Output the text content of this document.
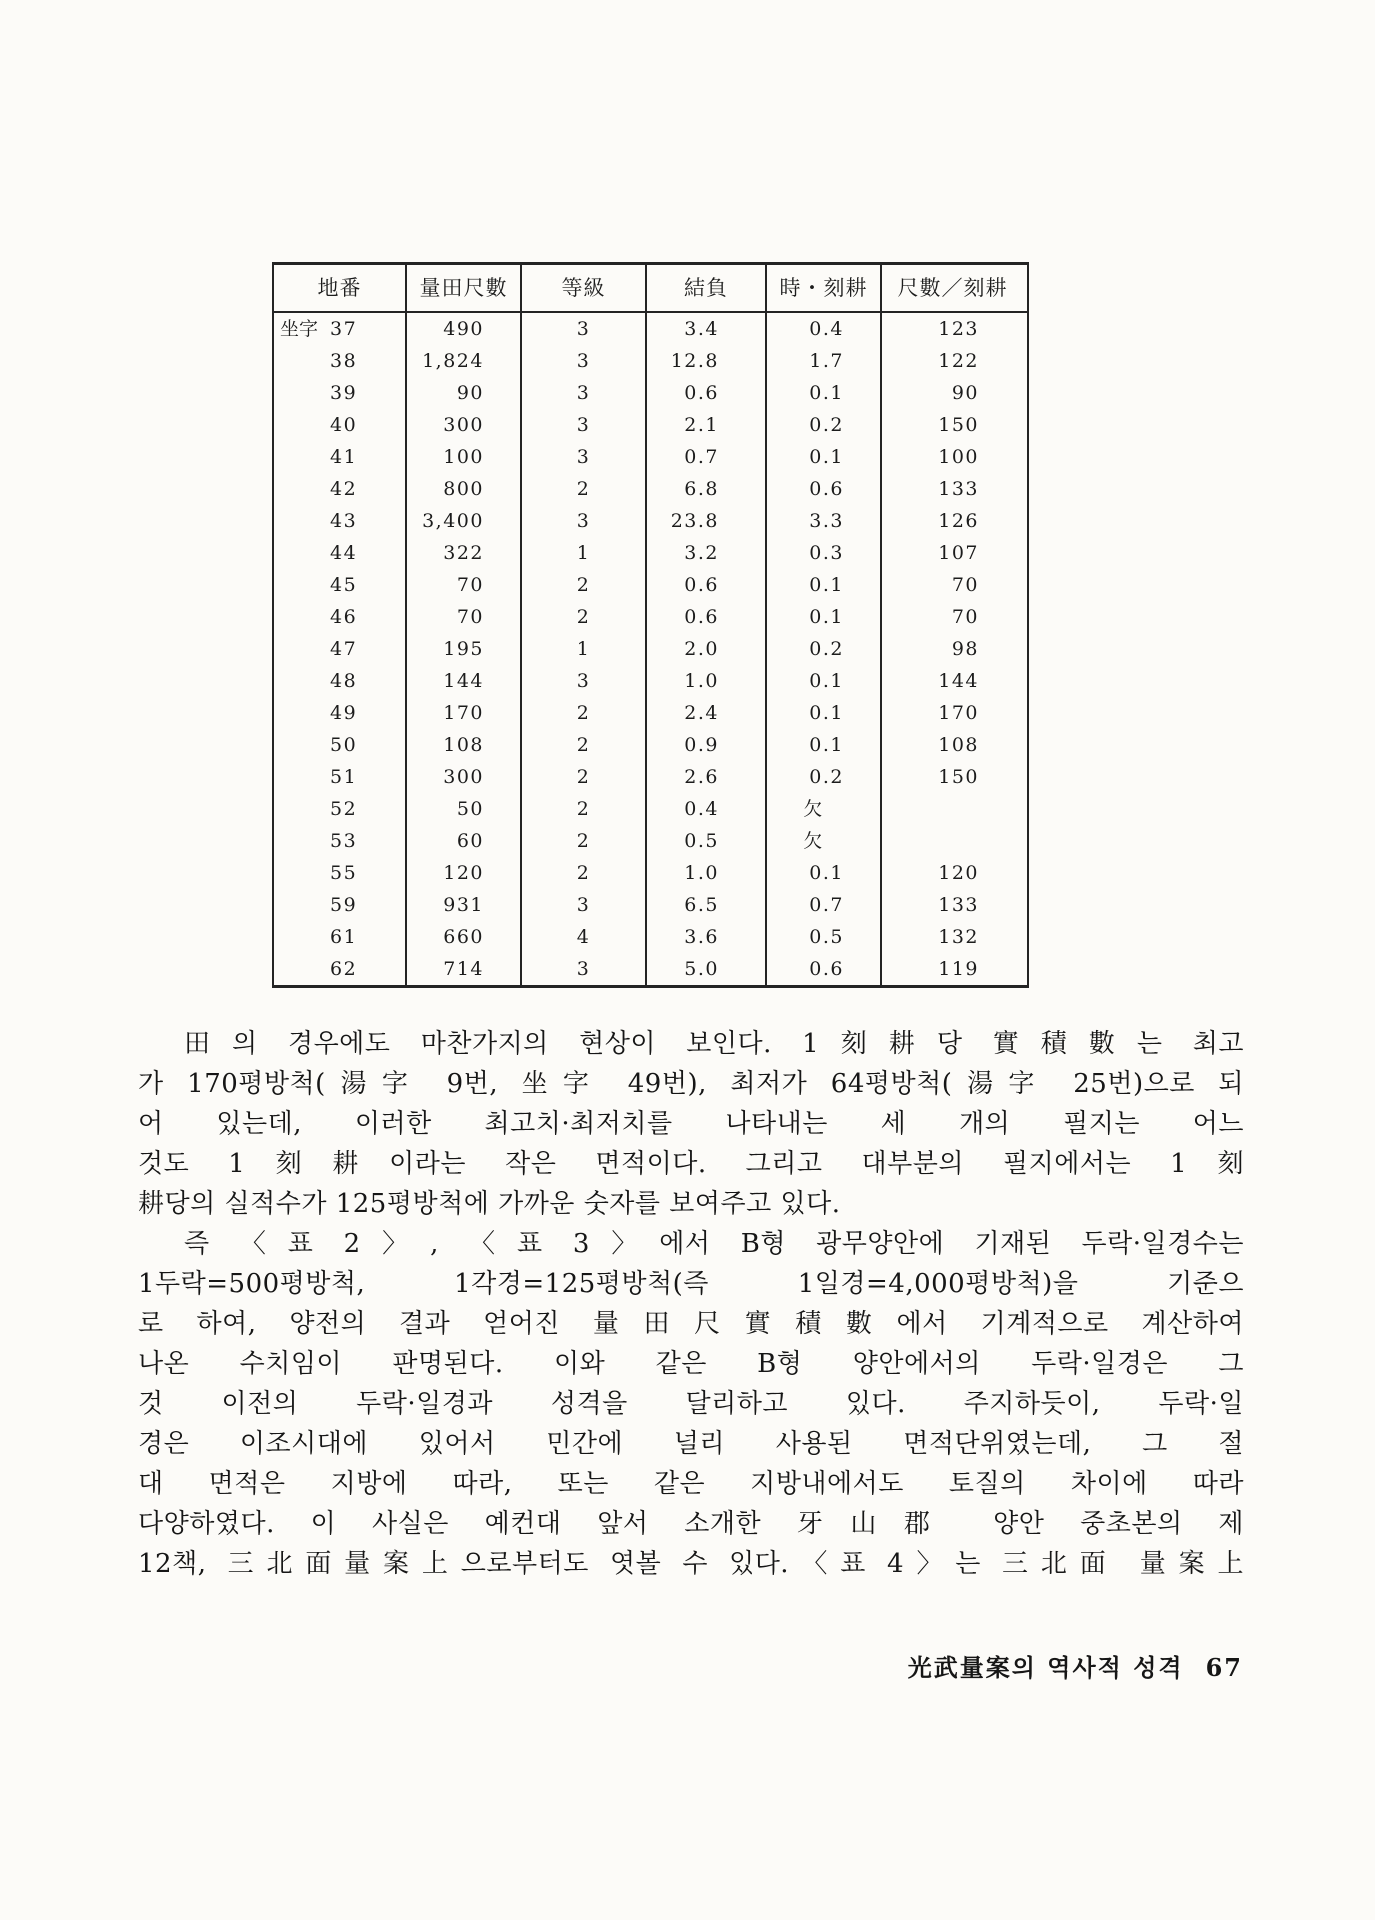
地番	量田尺數	等級	結負	時・刻耕	尺數／刻耕
坐字 37	490	3	3.4	0.4	123
38	1,824	3	12.8	1.7	122
39	90	3	0.6	0.1	90
40	300	3	2.1	0.2	150
41	100	3	0.7	0.1	100
42	800	2	6.8	0.6	133
43	3,400	3	23.8	3.3	126
44	322	1	3.2	0.3	107
45	70	2	0.6	0.1	70
46	70	2	0.6	0.1	70
47	195	1	2.0	0.2	98
48	144	3	1.0	0.1	144
49	170	2	2.4	0.1	170
50	108	2	0.9	0.1	108
51	300	2	2.6	0.2	150
52	50	2	0.4	欠
53	60	2	0.5	欠
55	120	2	1.0	0.1	120
59	931	3	6.5	0.7	133
61	660	4	3.6	0.5	132
62	714	3	5.0	0.6	119
田의 경우에도 마찬가지의 현상이 보인다. 1刻耕당 實積數는 최고
가 170평방척(湯字 9번, 坐字 49번), 최저가 64평방척(湯字 25번)으로 되
어 있는데, 이러한 최고치·최저치를 나타내는 세 개의 필지는 어느
것도 1刻耕이라는 작은 면적이다. 그리고 대부분의 필지에서는 1刻
耕당의 실적수가 125평방척에 가까운 숫자를 보여주고 있다.
즉 〈표 2〉, 〈표 3〉에서 B형 광무양안에 기재된 두락·일경수는
1두락=500평방척, 1각경=125평방척(즉 1일경=4,000평방척)을 기준으
로 하여, 양전의 결과 얻어진 量田尺實積數에서 기계적으로 계산하여
나온 수치임이 판명된다. 이와 같은 B형 양안에서의 두락·일경은 그
것 이전의 두락·일경과 성격을 달리하고 있다. 주지하듯이, 두락·일
경은 이조시대에 있어서 민간에 널리 사용된 면적단위였는데, 그 절
대 면적은 지방에 따라, 또는 같은 지방내에서도 토질의 차이에 따라
다양하였다. 이 사실은 예컨대 앞서 소개한 牙山郡 양안 중초본의 제
12책, 三北面量案上으로부터도 엿볼 수 있다.〈표 4〉는 三北面 量案上
光武量案의 역사적 성격 67
